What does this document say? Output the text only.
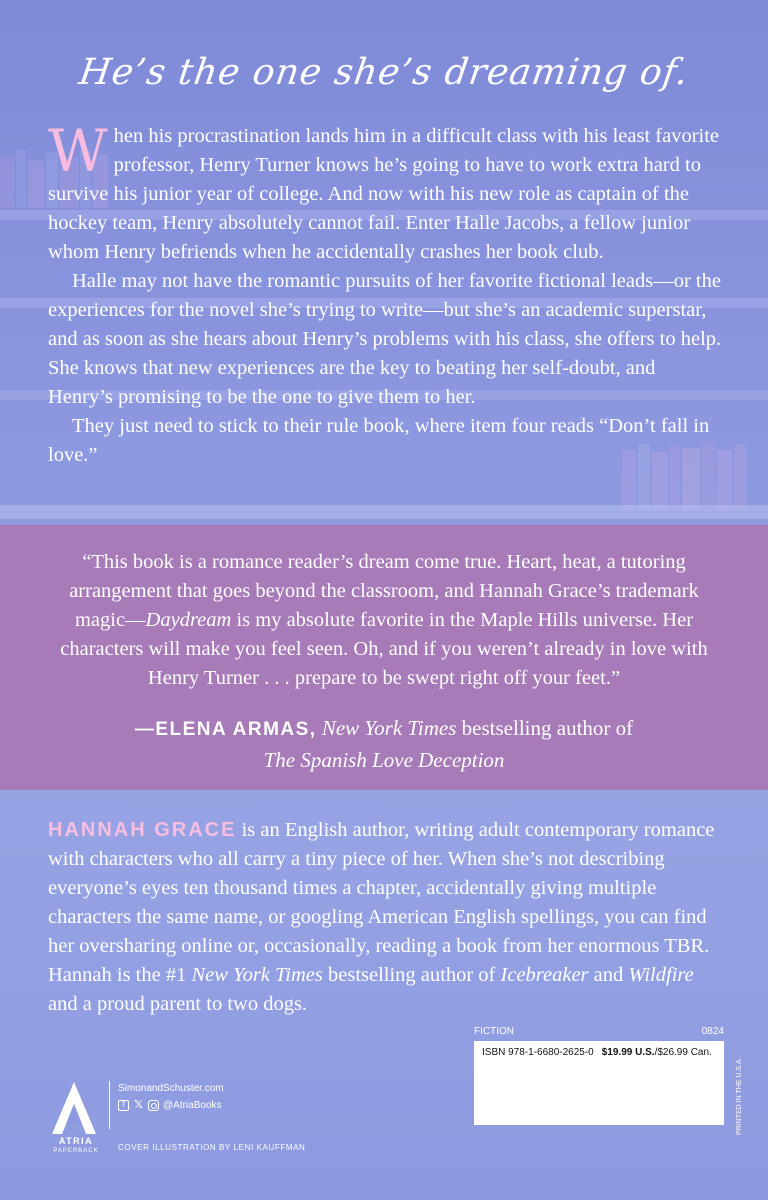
He’s the one she’s dreaming of.

When his procrastination lands him in a difficult class with his least favorite professor, Henry Turner knows he’s going to have to work extra hard to survive his junior year of college. And now with his new role as captain of the hockey team, Henry absolutely cannot fail. Enter Halle Jacobs, a fellow junior whom Henry befriends when he accidentally crashes her book club.

Halle may not have the romantic pursuits of her favorite fictional leads—or the experiences for the novel she’s trying to write—but she’s an academic superstar, and as soon as she hears about Henry’s problems with his class, she offers to help. She knows that new experiences are the key to beating her self-doubt, and Henry’s promising to be the one to give them to her.

They just need to stick to their rule book, where item four reads “Don’t fall in love.”

“This book is a romance reader’s dream come true. Heart, heat, a tutoring arrangement that goes beyond the classroom, and Hannah Grace’s trademark magic—Daydream is my absolute favorite in the Maple Hills universe. Her characters will make you feel seen. Oh, and if you weren’t already in love with Henry Turner . . . prepare to be swept right off your feet.”
—ELENA ARMAS, New York Times bestselling author of
The Spanish Love Deception
HANNAH GRACE is an English author, writing adult contemporary romance with characters who all carry a tiny piece of her. When she’s not describing everyone’s eyes ten thousand times a chapter, accidentally giving multiple characters the same name, or googling American English spellings, you can find her oversharing online or, occasionally, reading a book from her enormous TBR. Hannah is the #1 New York Times bestselling author of Icebreaker and Wildfire and a proud parent to two dogs.
FICTION	0824
ISBN 978-1-6680-2625-0 $19.99 U.S./$26.99 Can.
PRINTED IN THE U.S.A.
ATRIA
PAPERBACK
SimonandSchuster.com
f 𝕏 @AtriaBooks
COVER ILLUSTRATION BY LENI KAUFFMAN
